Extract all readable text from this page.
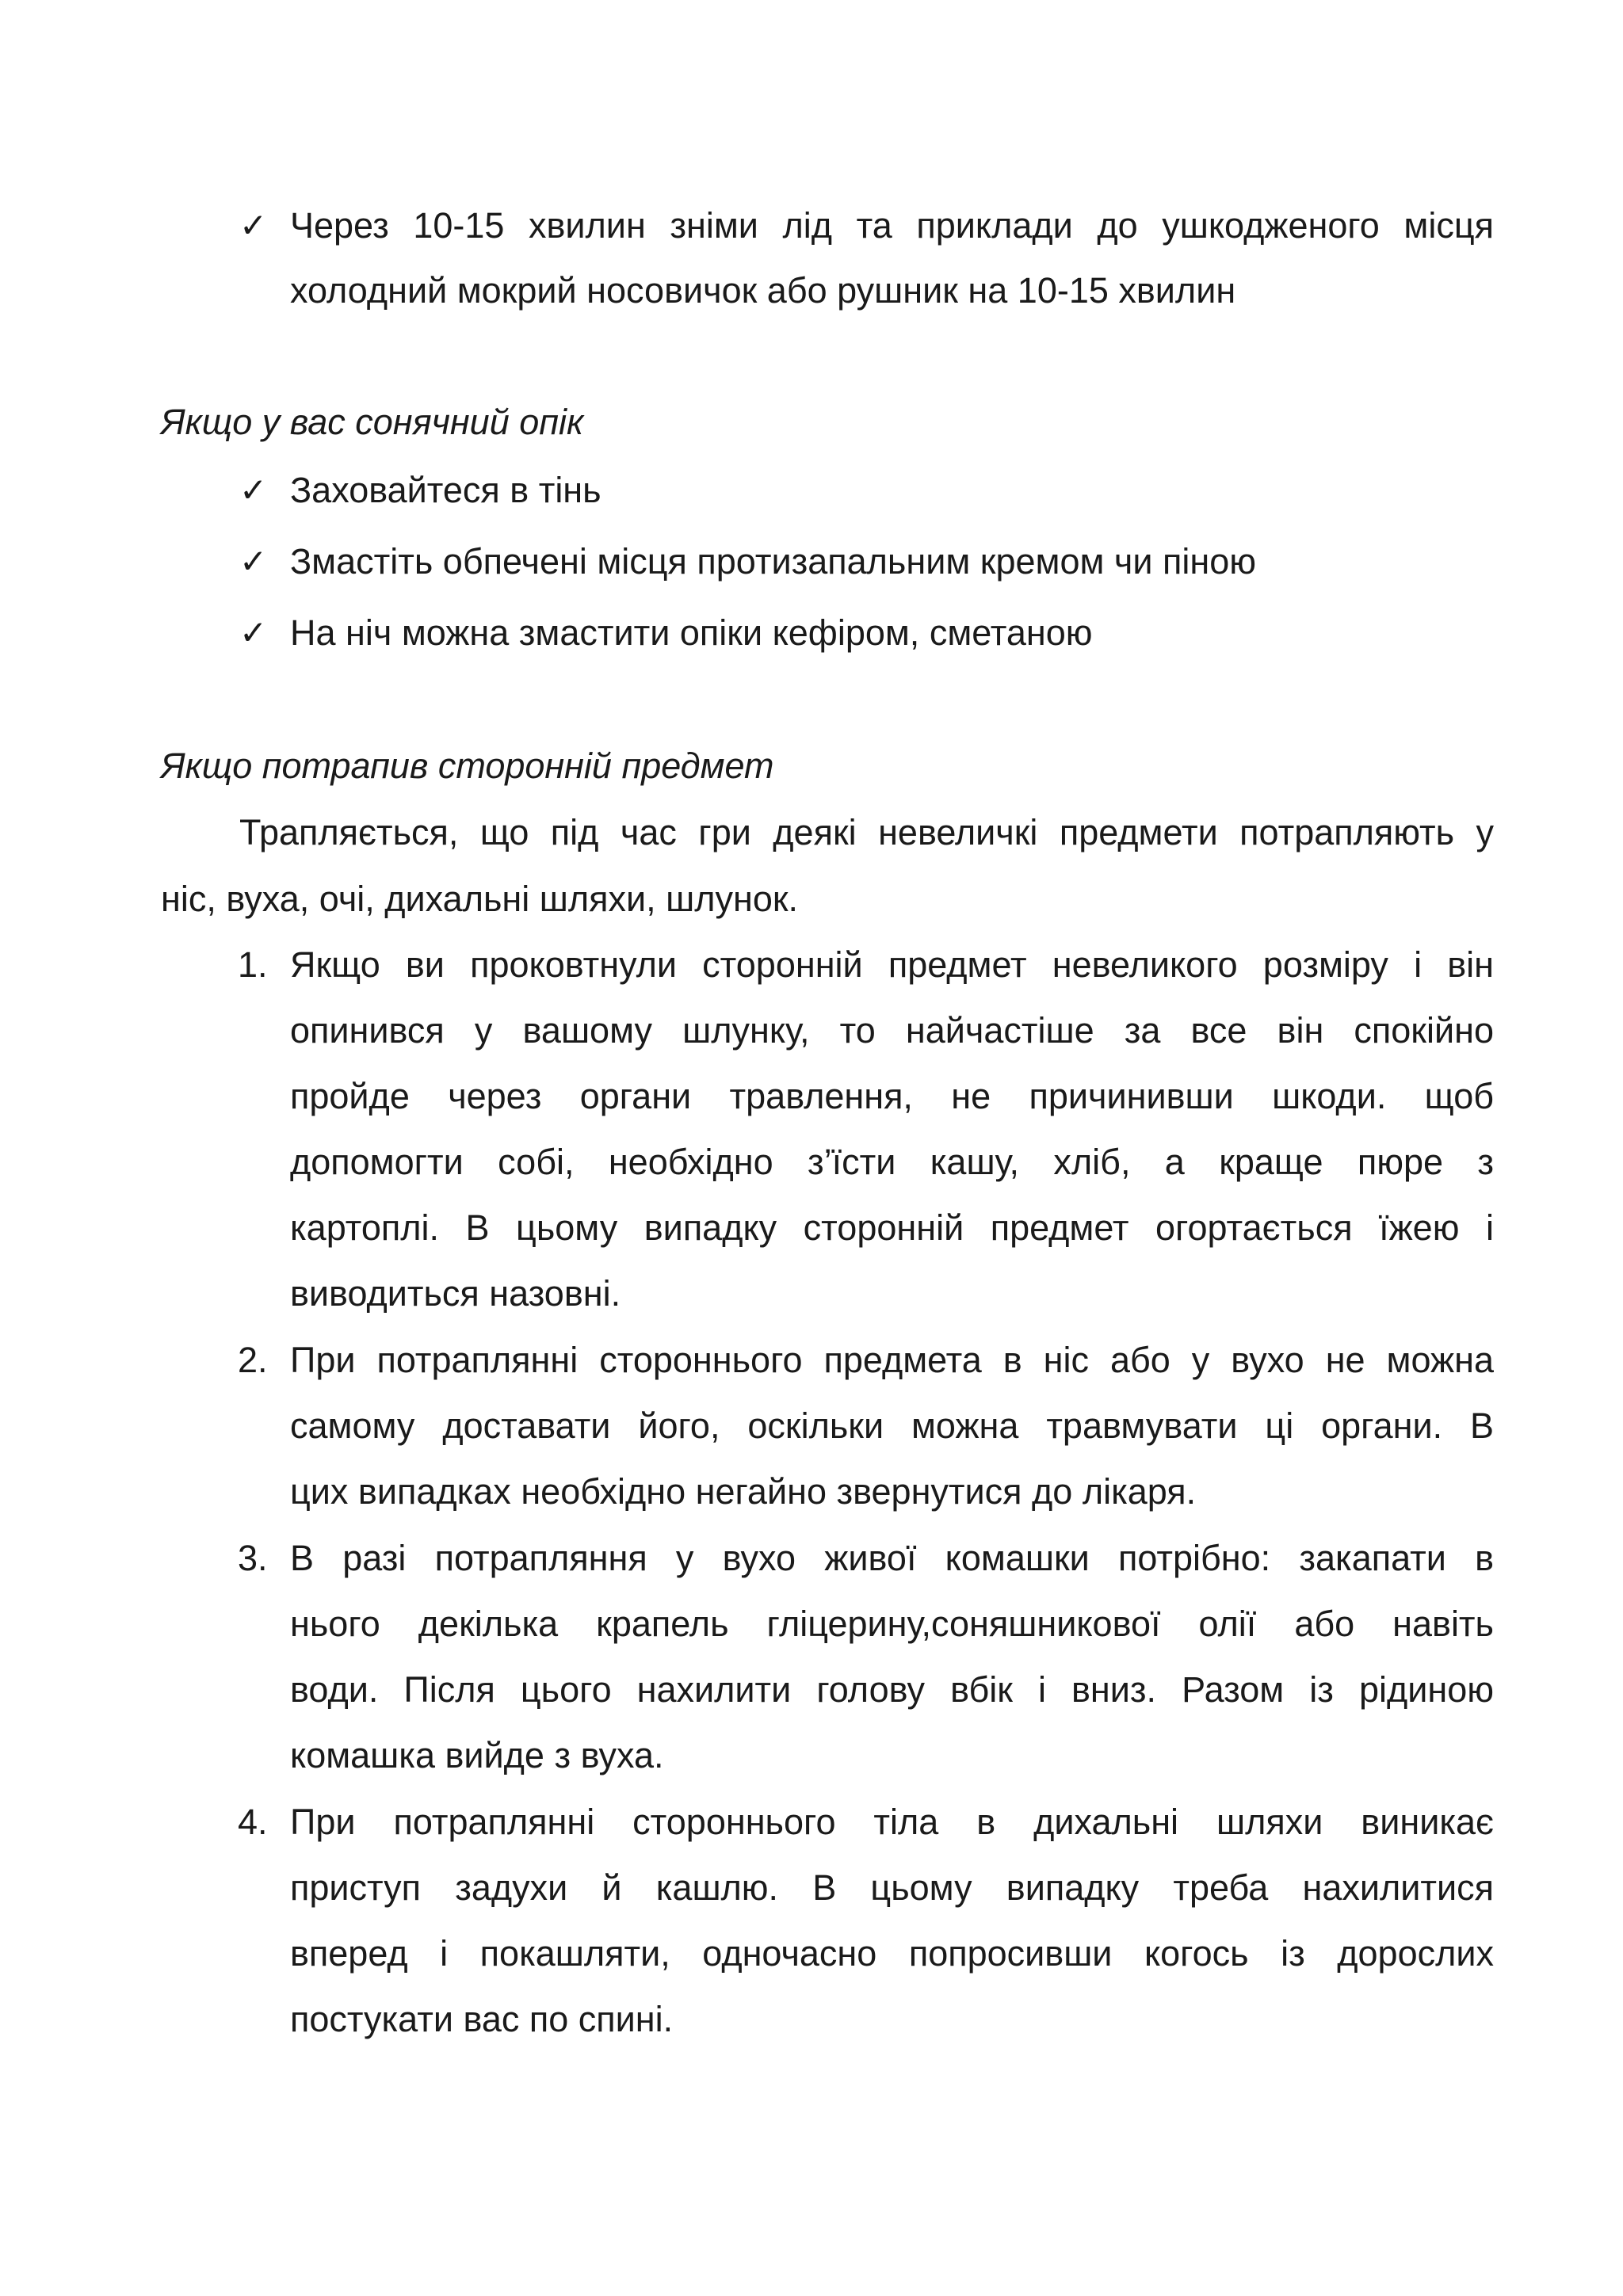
✓ Через 10-15 хвилин зніми лід та приклади до ушкодженого місця
холодний мокрий носовичок або рушник на 10-15 хвилин
Якщо у вас сонячний опік
✓ Заховайтеся в тінь
✓ Змастіть обпечені місця протизапальним кремом чи піною
✓ На ніч можна змастити опіки кефіром, сметаною
Якщо потрапив сторонній предмет
Трапляється, що під час гри деякі невеличкі предмети потрапляють у
ніс, вуха, очі, дихальні шляхи, шлунок.
1. Якщо ви проковтнули сторонній предмет невеликого розміру і він
опинився у вашому шлунку, то найчастіше за все він спокійно
пройде через органи травлення, не причинивши шкоди. щоб
допомогти собі, необхідно з’їсти кашу, хліб, а краще пюре з
картоплі. В цьому випадку сторонній предмет огортається їжею і
виводиться назовні.
2. При потраплянні стороннього предмета в ніс або у вухо не можна
самому доставати його, оскільки можна травмувати ці органи. В
цих випадках необхідно негайно звернутися до лікаря.
3. В разі потрапляння у вухо живої комашки потрібно: закапати в
нього декілька крапель гліцерину,соняшникової олії або навіть
води. Після цього нахилити голову вбік і вниз. Разом із рідиною
комашка вийде з вуха.
4. При потраплянні стороннього тіла в дихальні шляхи виникає
приступ задухи й кашлю. В цьому випадку треба нахилитися
вперед і покашляти, одночасно попросивши когось із дорослих
постукати вас по спині.
